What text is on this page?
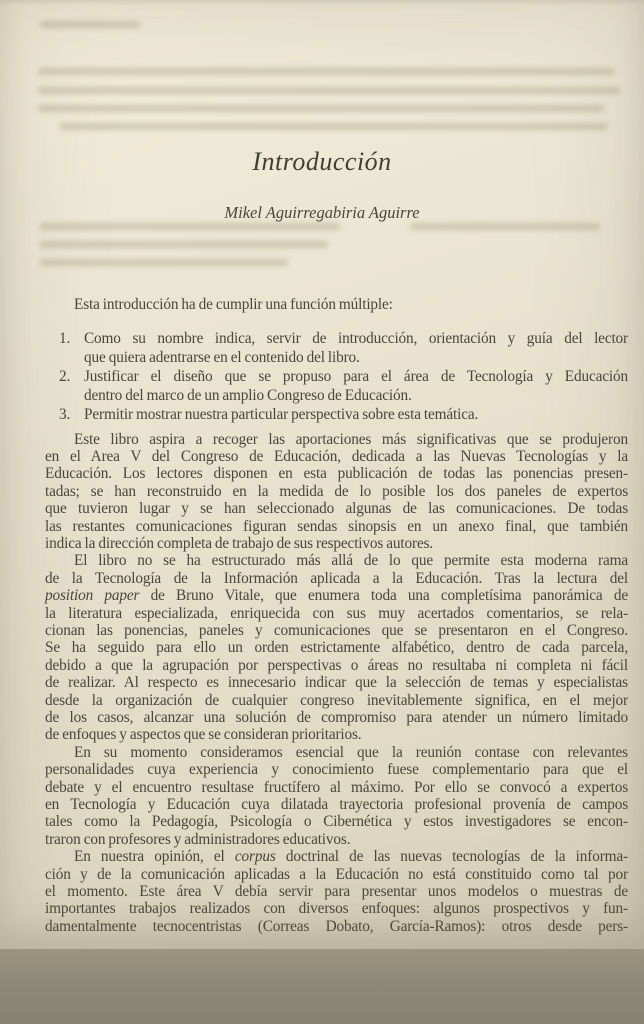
Introducción
Mikel Aguirregabiria Aguirre
Esta introducción ha de cumplir una función múltiple:
1. Como su nombre indica, servir de introducción, orientación y guía del lector
que quiera adentrarse en el contenido del libro.
2. Justificar el diseño que se propuso para el área de Tecnología y Educación
dentro del marco de un amplio Congreso de Educación.
3. Permitir mostrar nuestra particular perspectiva sobre esta temática.
Este libro aspira a recoger las aportaciones más significativas que se produjeron
en el Area V del Congreso de Educación, dedicada a las Nuevas Tecnologías y la
Educación. Los lectores disponen en esta publicación de todas las ponencias presen-
tadas; se han reconstruido en la medida de lo posible los dos paneles de expertos
que tuvieron lugar y se han seleccionado algunas de las comunicaciones. De todas
las restantes comunicaciones figuran sendas sinopsis en un anexo final, que también
indica la dirección completa de trabajo de sus respectivos autores.
El libro no se ha estructurado más allá de lo que permite esta moderna rama
de la Tecnología de la Información aplicada a la Educación. Tras la lectura del
position paper de Bruno Vitale, que enumera toda una completísima panorámica de
la literatura especializada, enriquecida con sus muy acertados comentarios, se rela-
cionan las ponencias, paneles y comunicaciones que se presentaron en el Congreso.
Se ha seguido para ello un orden estrictamente alfabético, dentro de cada parcela,
debido a que la agrupación por perspectivas o áreas no resultaba ni completa ni fácil
de realizar. Al respecto es innecesario indicar que la selección de temas y especialistas
desde la organización de cualquier congreso inevitablemente significa, en el mejor
de los casos, alcanzar una solución de compromiso para atender un número limitado
de enfoques y aspectos que se consideran prioritarios.
En su momento consideramos esencial que la reunión contase con relevantes
personalidades cuya experiencia y conocimiento fuese complementario para que el
debate y el encuentro resultase fructífero al máximo. Por ello se convocó a expertos
en Tecnología y Educación cuya dilatada trayectoria profesional provenía de campos
tales como la Pedagogía, Psicología o Cibernética y estos investigadores se encon-
traron con profesores y administradores educativos.
En nuestra opinión, el corpus doctrinal de las nuevas tecnologías de la informa-
ción y de la comunicación aplicadas a la Educación no está constituido como tal por
el momento. Este área V debía servir para presentar unos modelos o muestras de
importantes trabajos realizados con diversos enfoques: algunos prospectivos y fun-
damentalmente tecnocentristas (Correas Dobato, García-Ramos): otros desde pers-
